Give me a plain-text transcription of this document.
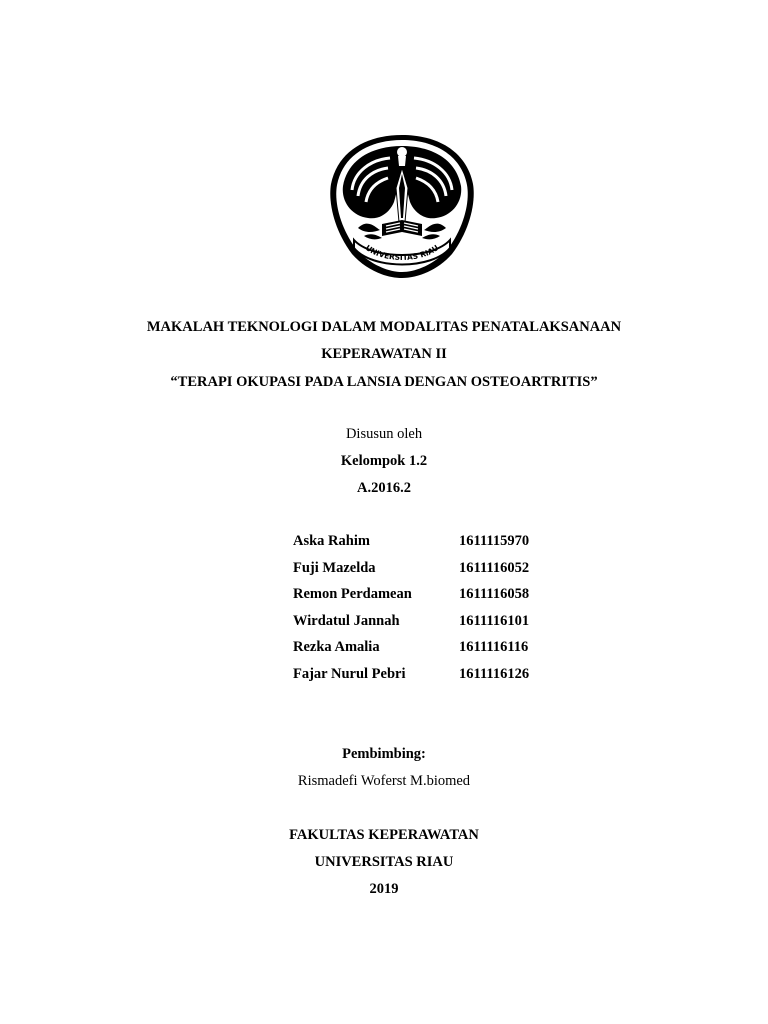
UNIVERSITAS RIAU
MAKALAH TEKNOLOGI DALAM MODALITAS PENATALAKSANAAN
KEPERAWATAN II
“TERAPI OKUPASI PADA LANSIA DENGAN OSTEOARTRITIS”
Disusun oleh
Kelompok 1.2
A.2016.2
Aska Rahim	1611115970
Fuji Mazelda	1611116052
Remon Perdamean	1611116058
Wirdatul Jannah	1611116101
Rezka Amalia	1611116116
Fajar Nurul Pebri	1611116126
Pembimbing:
Rismadefi Woferst M.biomed
FAKULTAS KEPERAWATAN
UNIVERSITAS RIAU
2019
